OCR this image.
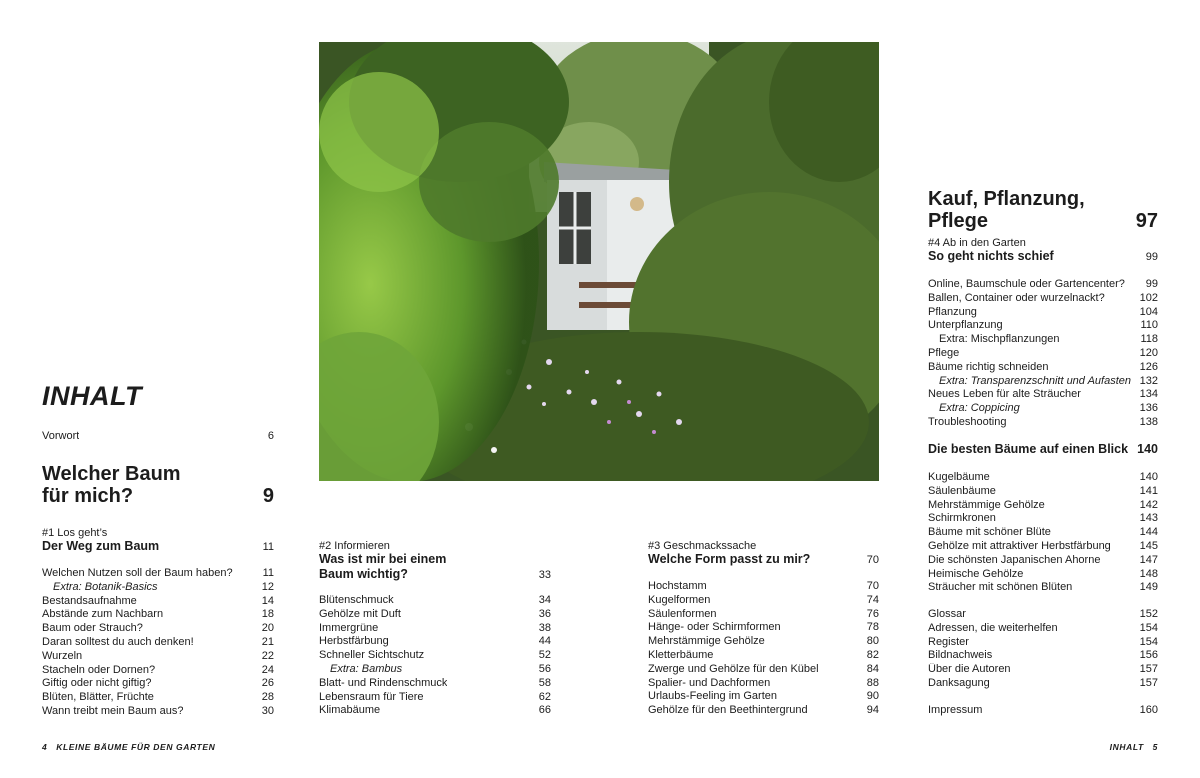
INHALT
Vorwort	6
Welcher Baum
für mich?	9
#1 Los geht’s
Der Weg zum Baum	11
Welchen Nutzen soll der Baum haben?	11
Extra: Botanik-Basics	12
Bestandsaufnahme	14
Abstände zum Nachbarn	18
Baum oder Strauch?	20
Daran solltest du auch denken!	21
Wurzeln	22
Stacheln oder Dornen?	24
Giftig oder nicht giftig?	26
Blüten, Blätter, Früchte	28
Wann treibt mein Baum aus?	30
#2 Informieren
Was ist mir bei einem
Baum wichtig?	33
Blütenschmuck	34
Gehölze mit Duft	36
Immergrüne	38
Herbstfärbung	44
Schneller Sichtschutz	52
Extra: Bambus	56
Blatt- und Rindenschmuck	58
Lebensraum für Tiere	62
Klimabäume	66
#3 Geschmackssache
Welche Form passt zu mir?	70
Hochstamm	70
Kugelformen	74
Säulenformen	76
Hänge- oder Schirmformen	78
Mehrstämmige Gehölze	80
Kletterbäume	82
Zwerge und Gehölze für den Kübel	84
Spalier- und Dachformen	88
Urlaubs-Feeling im Garten	90
Gehölze für den Beethintergrund	94
Kauf, Pflanzung,
Pflege	97
#4 Ab in den Garten
So geht nichts schief	99
Online, Baumschule oder Gartencenter? 99
Ballen, Container oder wurzelnackt?	102
Pflanzung	104
Unterpflanzung	110
Extra: Mischpflanzungen	118
Pflege	120
Bäume richtig schneiden	126
Extra: Transparenzschnitt und Aufasten 132
Neues Leben für alte Sträucher	134
Extra: Coppicing	136
Troubleshooting	138
Die besten Bäume auf einen Blick 140
Kugelbäume	140
Säulenbäume	141
Mehrstämmige Gehölze	142
Schirmkronen	143
Bäume mit schöner Blüte	144
Gehölze mit attraktiver Herbstfärbung	145
Die schönsten Japanischen Ahorne	147
Heimische Gehölze	148
Sträucher mit schönen Blüten	149
Glossar	152
Adressen, die weiterhelfen	154
Register	154
Bildnachweis	156
Über die Autoren	157
Danksagung	157
Impressum	160
4 KLEINE BÄUME FÜR DEN GARTEN	INHALT 5
